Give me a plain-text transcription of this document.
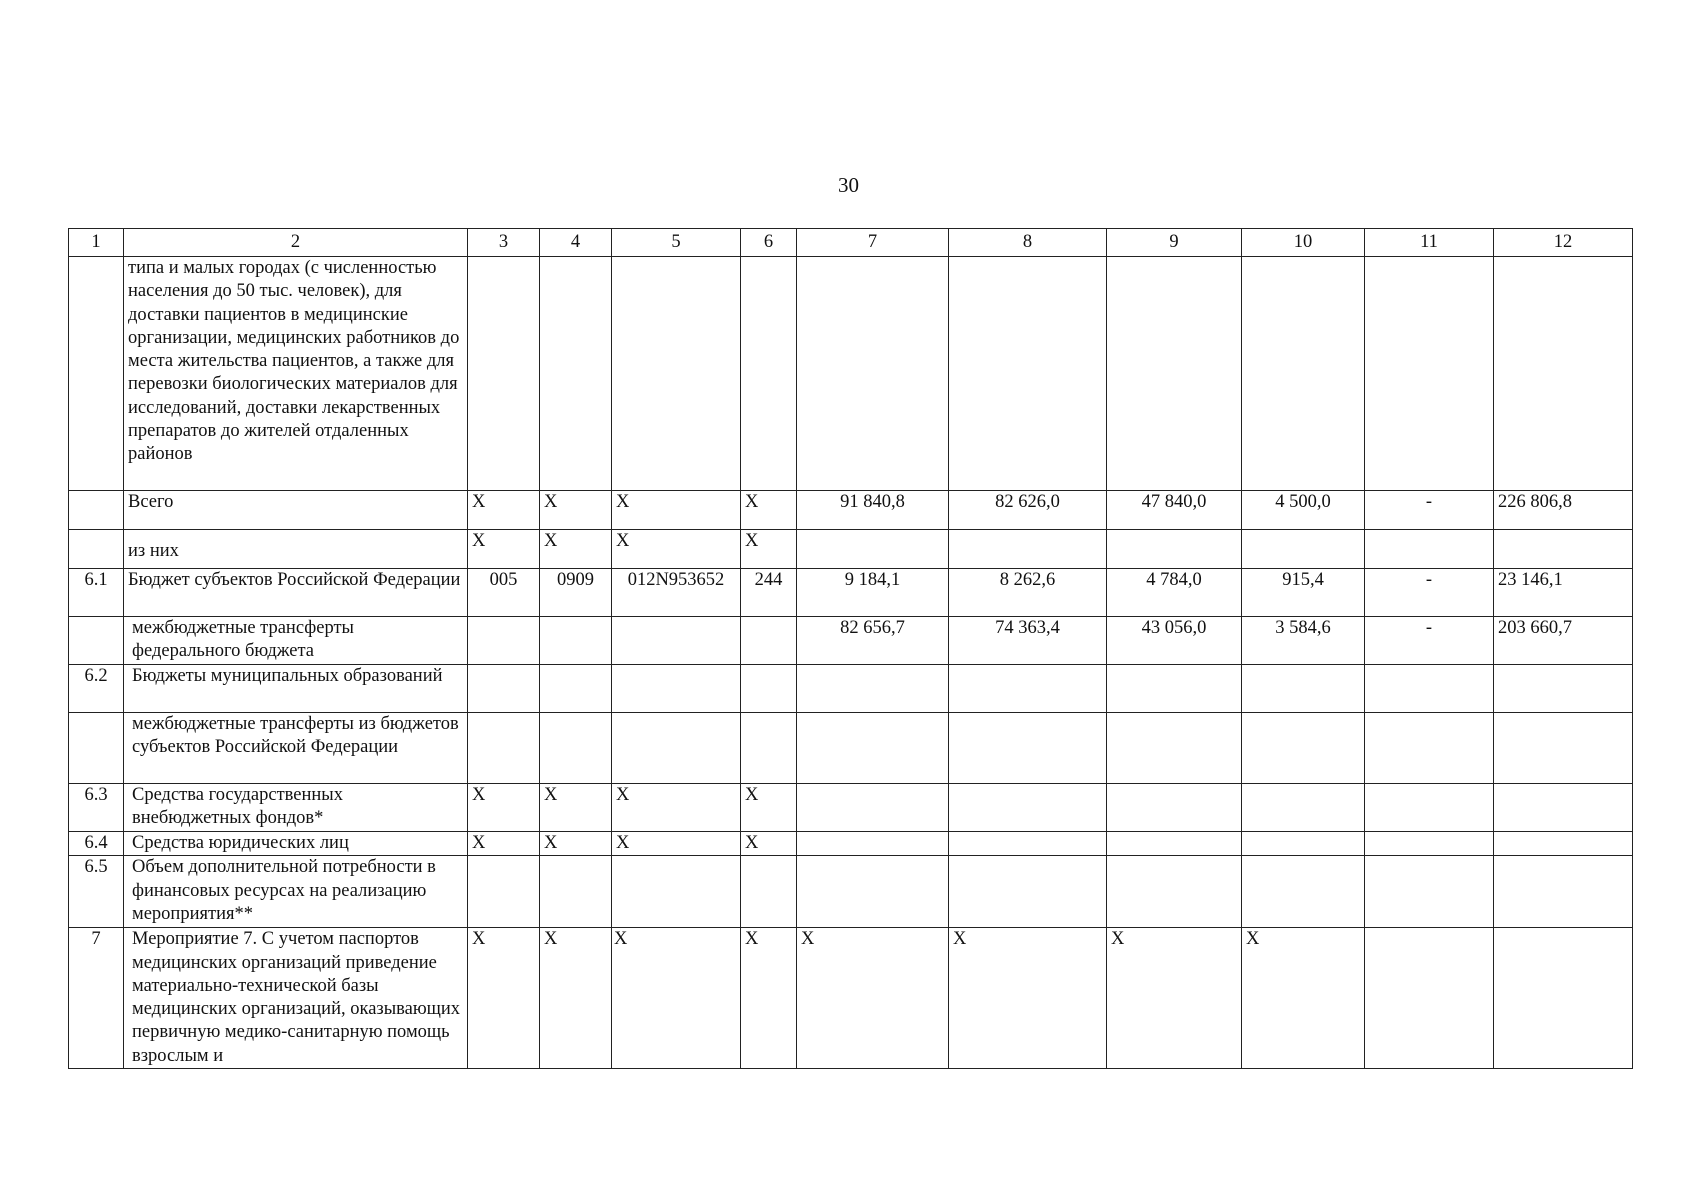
30
1	2	3	4	5	6	7	8	9	10	11	12
	типа и малых городах (с численностью населения до 50 тыс. человек), для доставки пациентов в медицинские организации, медицинских работников до места жительства пациентов, а также для перевозки биологических материалов для исследований, доставки лекарственных препаратов до жителей отдаленных районов										
	Всего	X	X	X	X	91 840,8	82 626,0	47 840,0	4 500,0	-	226 806,8
	из них	X	X	X	X						
6.1	Бюджет субъектов Российской Федерации	005	0909	012N953652	244	9 184,1	8 262,6	4 784,0	915,4	-	23 146,1
	межбюджетные трансферты федерального бюджета					82 656,7	74 363,4	43 056,0	3 584,6	-	203 660,7
6.2	Бюджеты муниципальных образований										
	межбюджетные трансферты из бюджетов субъектов Российской Федерации										
6.3	Средства государственных внебюджетных фондов*	X	X	X	X						
6.4	Средства юридических лиц	X	X	X	X						
6.5	Объем дополнительной потребности в финансовых ресурсах на реализацию мероприятия**										
7	Мероприятие 7. С учетом паспортов медицинских организаций приведение материально-технической базы медицинских организаций, оказывающих первичную медико-санитарную помощь взрослым и	X	X	X	X	X	X	X	X		
